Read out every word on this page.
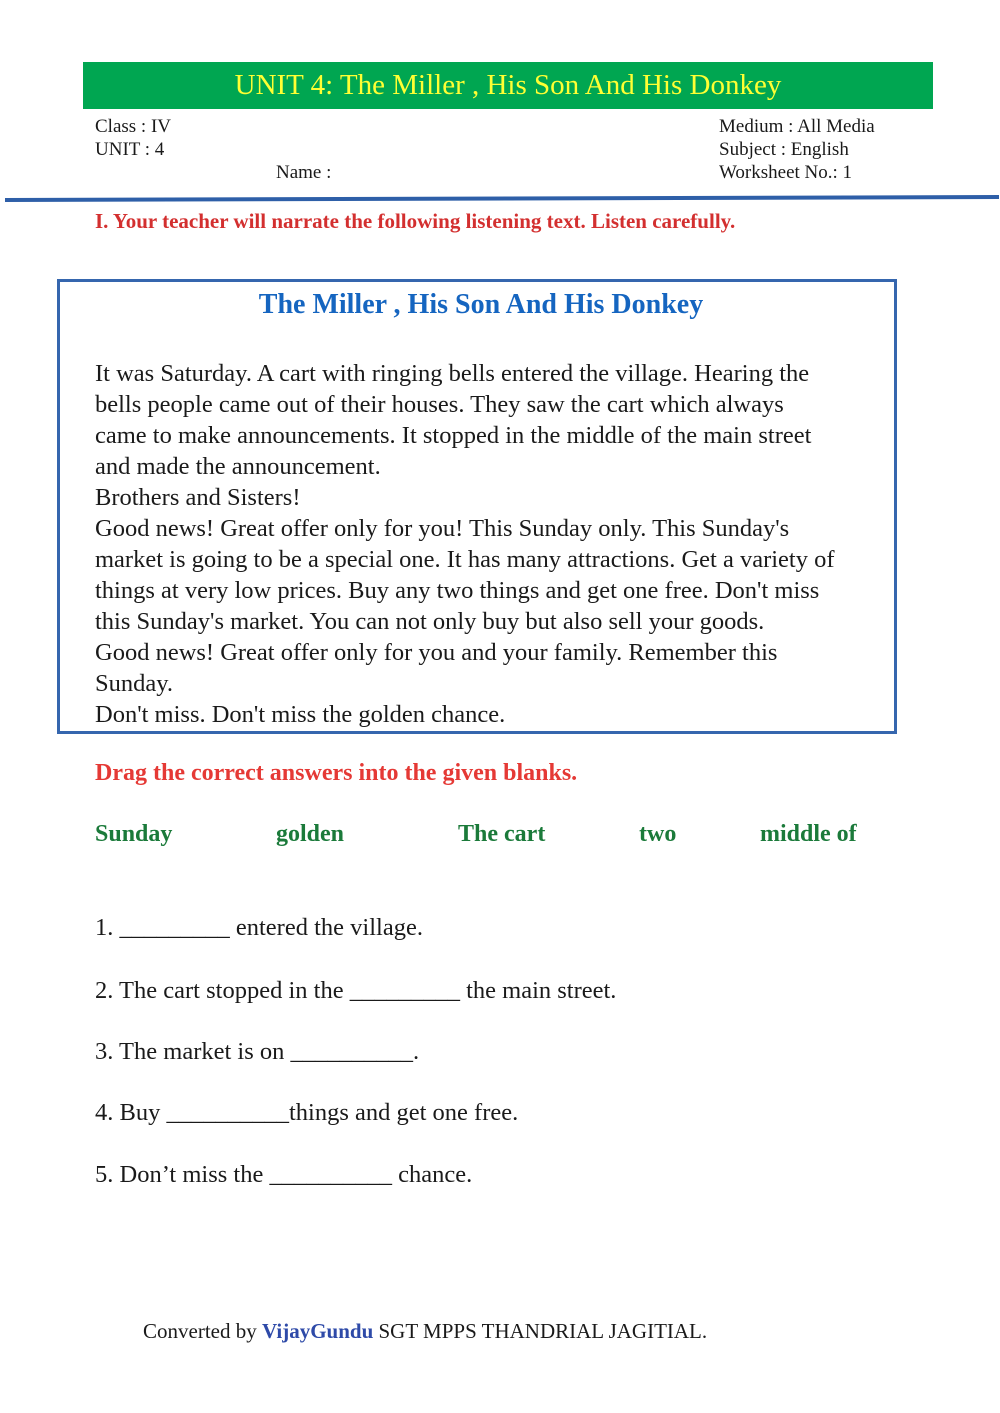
UNIT 4: The Miller , His Son And His Donkey
Class : IV
UNIT : 4
Name :
Medium : All Media
Subject : English
Worksheet No.: 1
I. Your teacher will narrate the following listening text. Listen carefully.
The Miller , His Son And His Donkey
It was Saturday. A cart with ringing bells entered the village. Hearing the
bells people came out of their houses. They saw the cart which always
came to make announcements. It stopped in the middle of the main street
and made the announcement.
Brothers and Sisters!
Good news! Great offer only for you! This Sunday only. This Sunday's
market is going to be a special one. It has many attractions. Get a variety of
things at very low prices. Buy any two things and get one free. Don't miss
this Sunday's market. You can not only buy but also sell your goods.
Good news! Great offer only for you and your family. Remember this
Sunday.
Don't miss. Don't miss the golden chance.
Drag the correct answers into the given blanks.
Sunday	golden	The cart	two	middle of
1. _________ entered the village.
2. The cart stopped in the _________ the main street.
3. The market is on __________.
4. Buy __________things and get one free.
5. Don’t miss the __________ chance.
Converted by VijayGundu SGT MPPS THANDRIAL JAGITIAL.
